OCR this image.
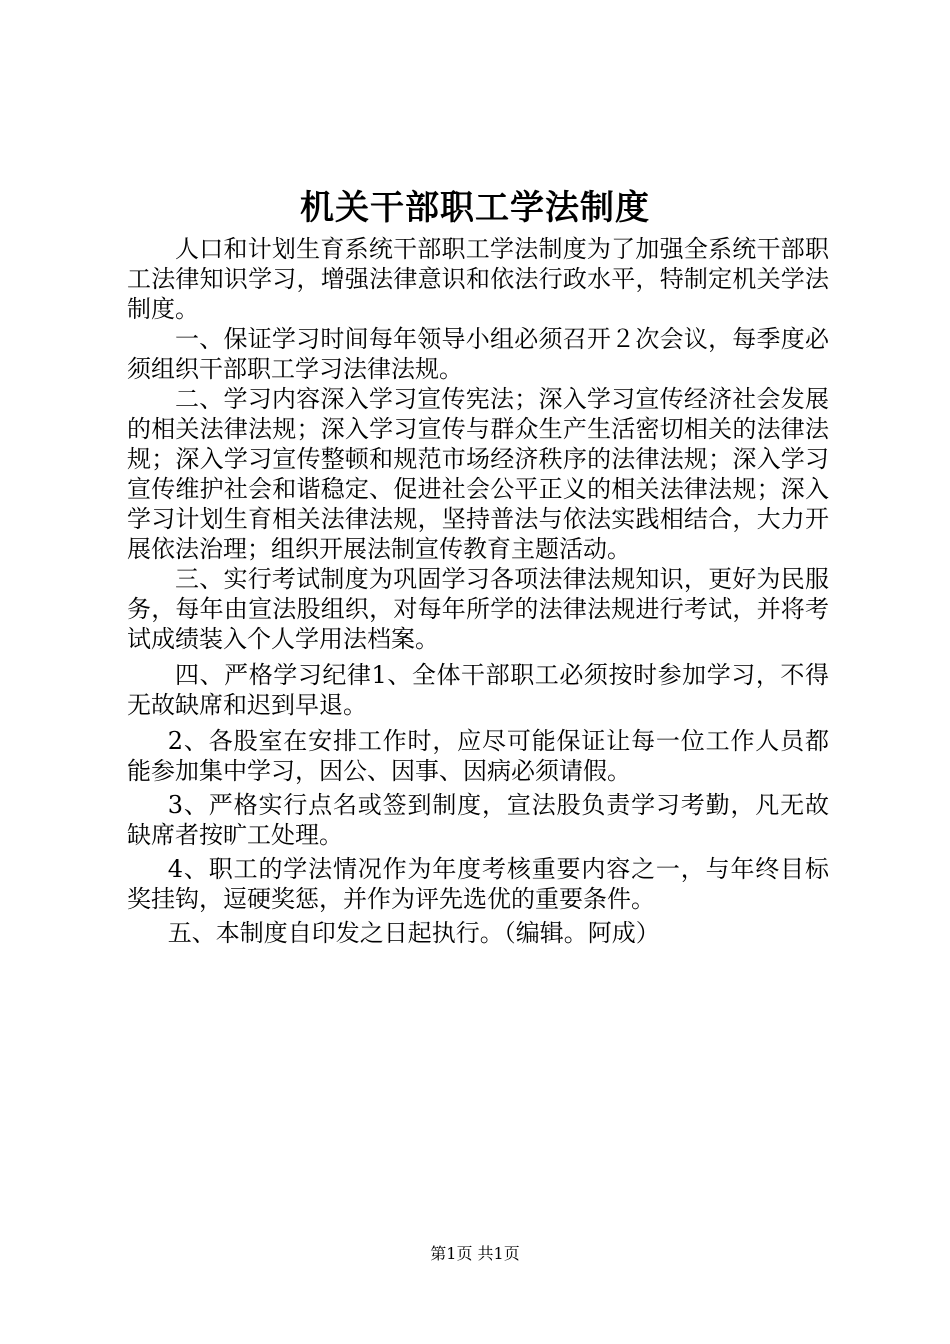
机关干部职工学法制度

人口和计划生育系统干部职工学法制度为了加强全系统干部职工法律知识学习，增强法律意识和依法行政水平，特制定机关学法制度。

一、保证学习时间每年领导小组必须召开２次会议，每季度必须组织干部职工学习法律法规。

二、学习内容深入学习宣传宪法；深入学习宣传经济社会发展的相关法律法规；深入学习宣传与群众生产生活密切相关的法律法规；深入学习宣传整顿和规范市场经济秩序的法律法规；深入学习宣传维护社会和谐稳定、促进社会公平正义的相关法律法规；深入学习计划生育相关法律法规，坚持普法与依法实践相结合，大力开展依法治理；组织开展法制宣传教育主题活动。

三、实行考试制度为巩固学习各项法律法规知识，更好为民服务，每年由宣法股组织，对每年所学的法律法规进行考试，并将考试成绩装入个人学用法档案。

四、严格学习纪律1、全体干部职工必须按时参加学习，不得无故缺席和迟到早退。

2、各股室在安排工作时，应尽可能保证让每一位工作人员都能参加集中学习，因公、因事、因病必须请假。

3、严格实行点名或签到制度，宣法股负责学习考勤，凡无故缺席者按旷工处理。

4、职工的学法情况作为年度考核重要内容之一，与年终目标奖挂钩，逗硬奖惩，并作为评先选优的重要条件。

五、本制度自印发之日起执行。（编辑。阿成）

第1页 共1页
